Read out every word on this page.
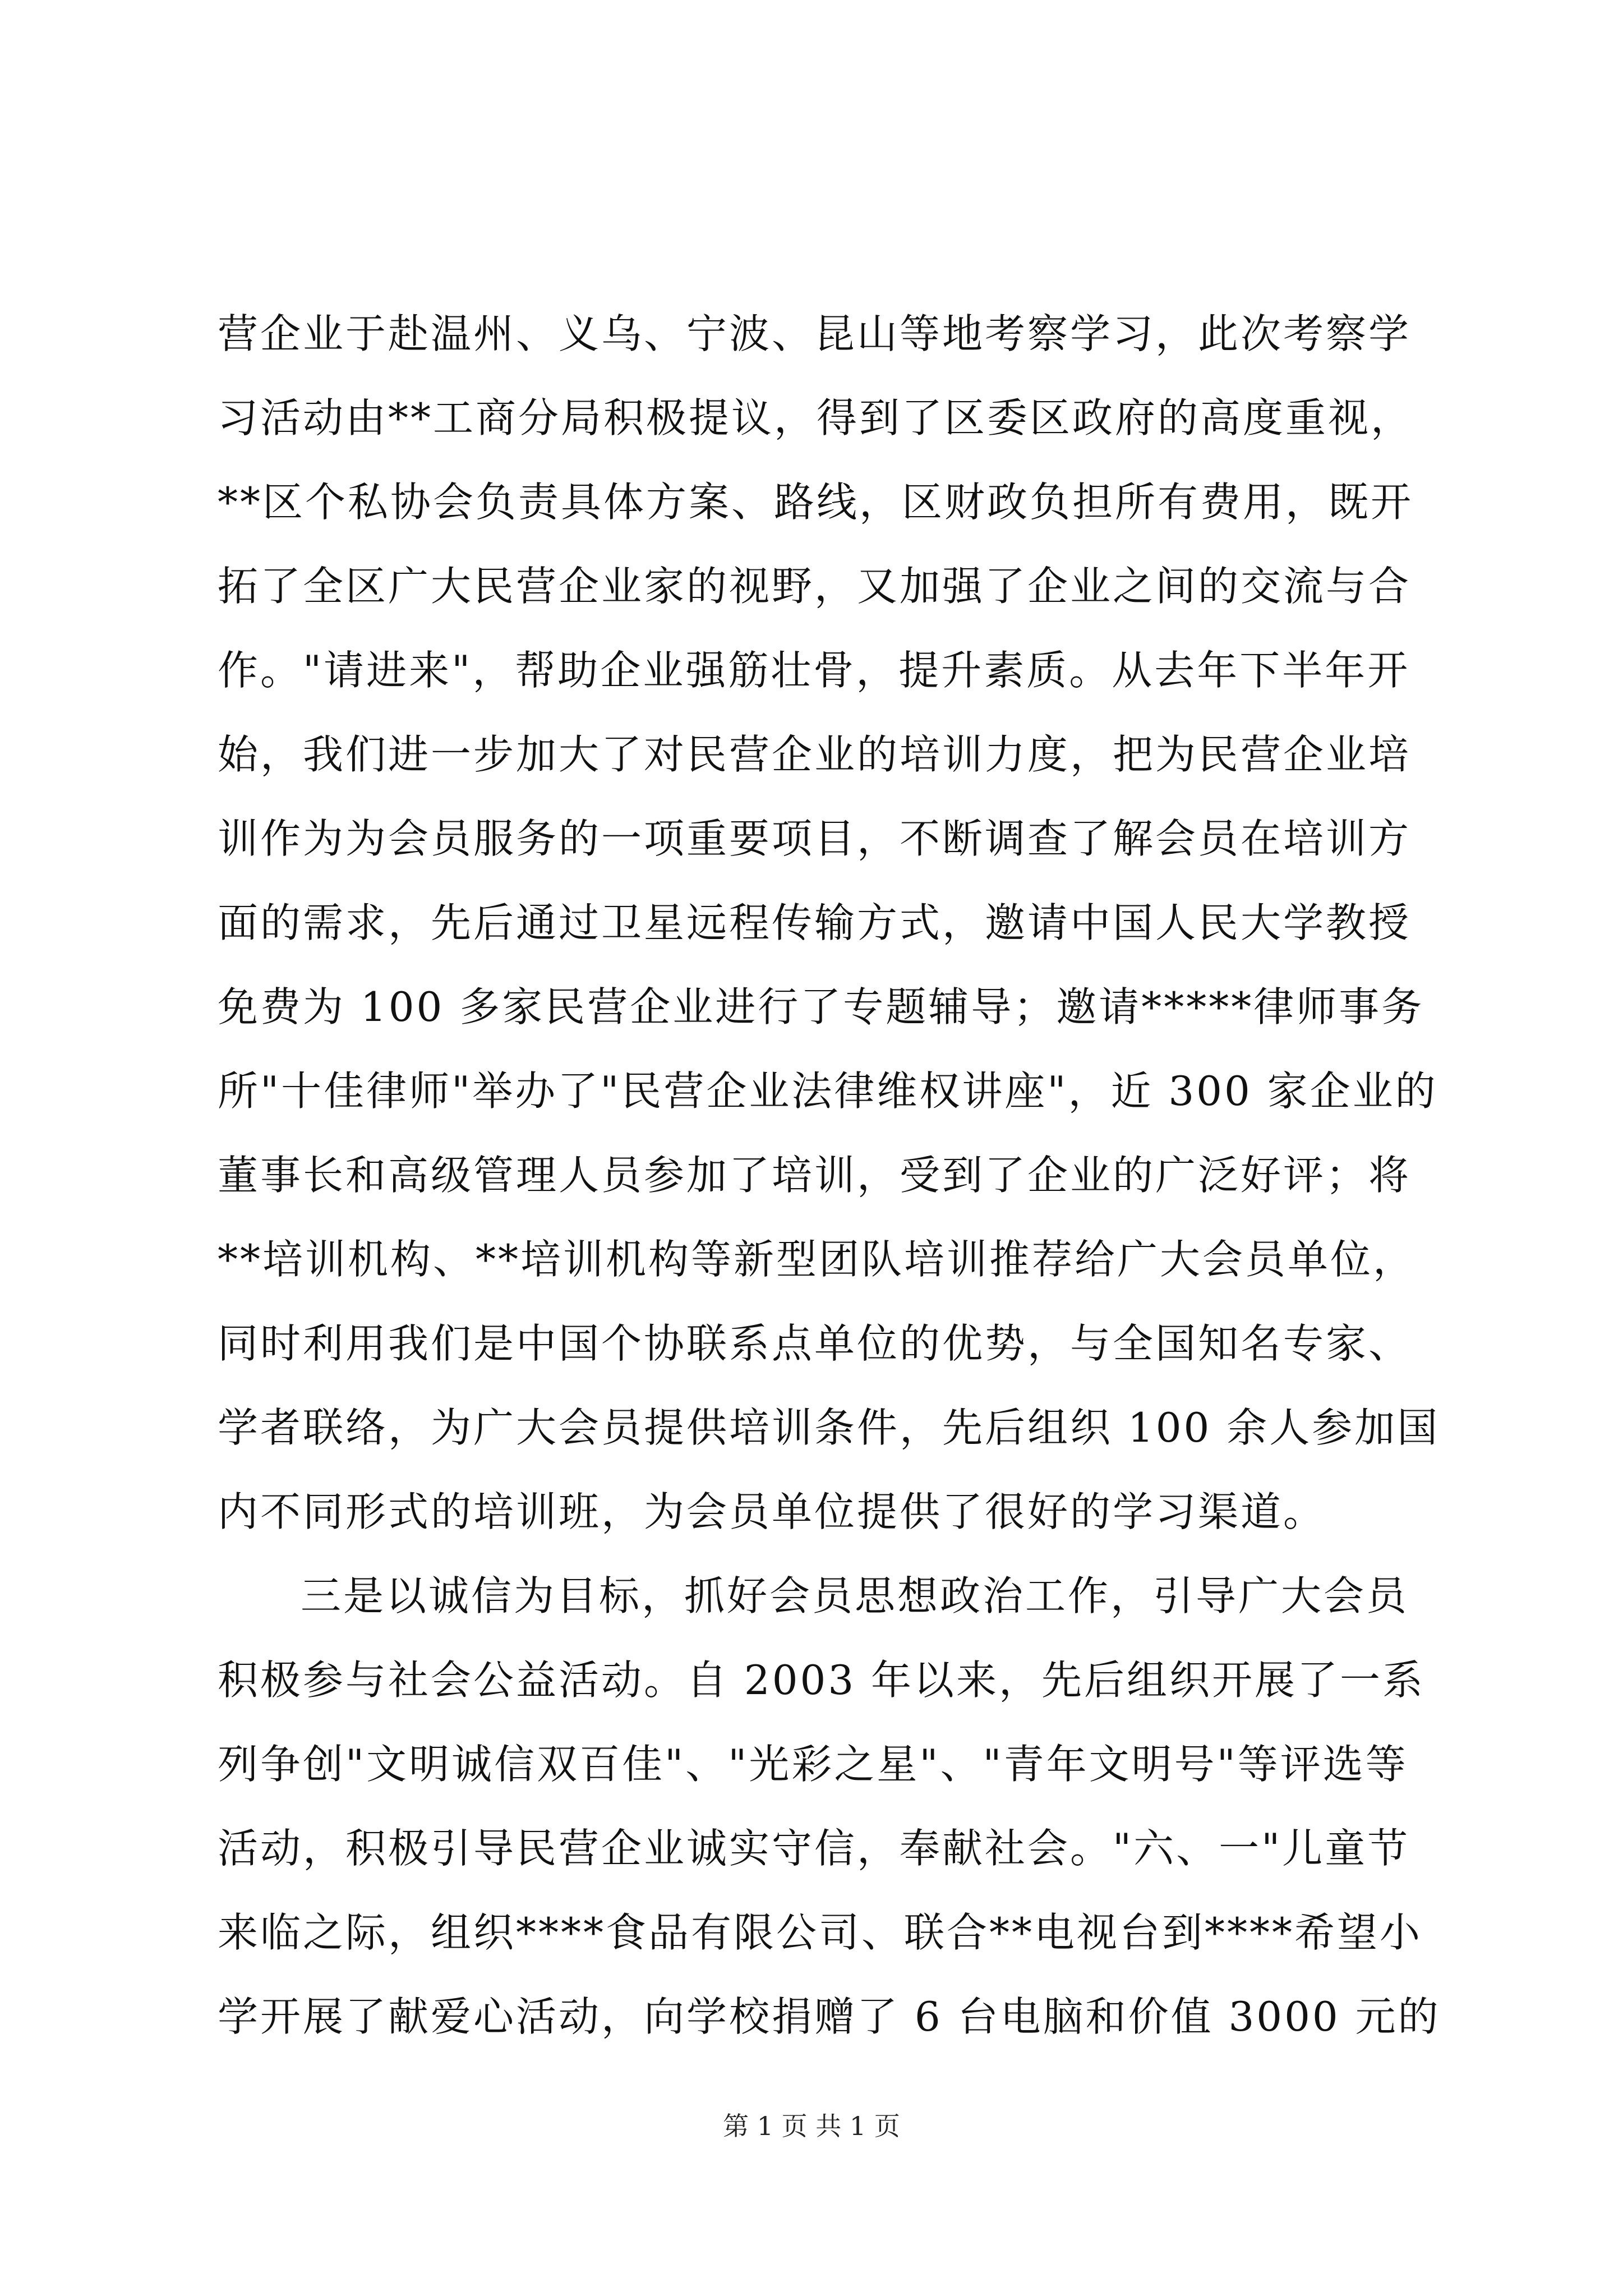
营企业于赴温州、义乌、宁波、昆山等地考察学习，此次考察学
习活动由**工商分局积极提议，得到了区委区政府的高度重视，
**区个私协会负责具体方案、路线，区财政负担所有费用，既开
拓了全区广大民营企业家的视野，又加强了企业之间的交流与合
作。"请进来"，帮助企业强筋壮骨，提升素质。从去年下半年开
始，我们进一步加大了对民营企业的培训力度，把为民营企业培
训作为为会员服务的一项重要项目，不断调查了解会员在培训方
面的需求，先后通过卫星远程传输方式，邀请中国人民大学教授
免费为 100 多家民营企业进行了专题辅导；邀请*****律师事务
所"十佳律师"举办了"民营企业法律维权讲座"，近 300 家企业的
董事长和高级管理人员参加了培训，受到了企业的广泛好评；将
**培训机构、**培训机构等新型团队培训推荐给广大会员单位，
同时利用我们是中国个协联系点单位的优势，与全国知名专家、
学者联络，为广大会员提供培训条件，先后组织 100 余人参加国
内不同形式的培训班，为会员单位提供了很好的学习渠道。
三是以诚信为目标，抓好会员思想政治工作，引导广大会员
积极参与社会公益活动。自 2003 年以来，先后组织开展了一系
列争创"文明诚信双百佳"、"光彩之星"、"青年文明号"等评选等
活动，积极引导民营企业诚实守信，奉献社会。"六、一"儿童节
来临之际，组织****食品有限公司、联合**电视台到****希望小
学开展了献爱心活动，向学校捐赠了 6 台电脑和价值 3000 元的
第 1 页 共 1 页
